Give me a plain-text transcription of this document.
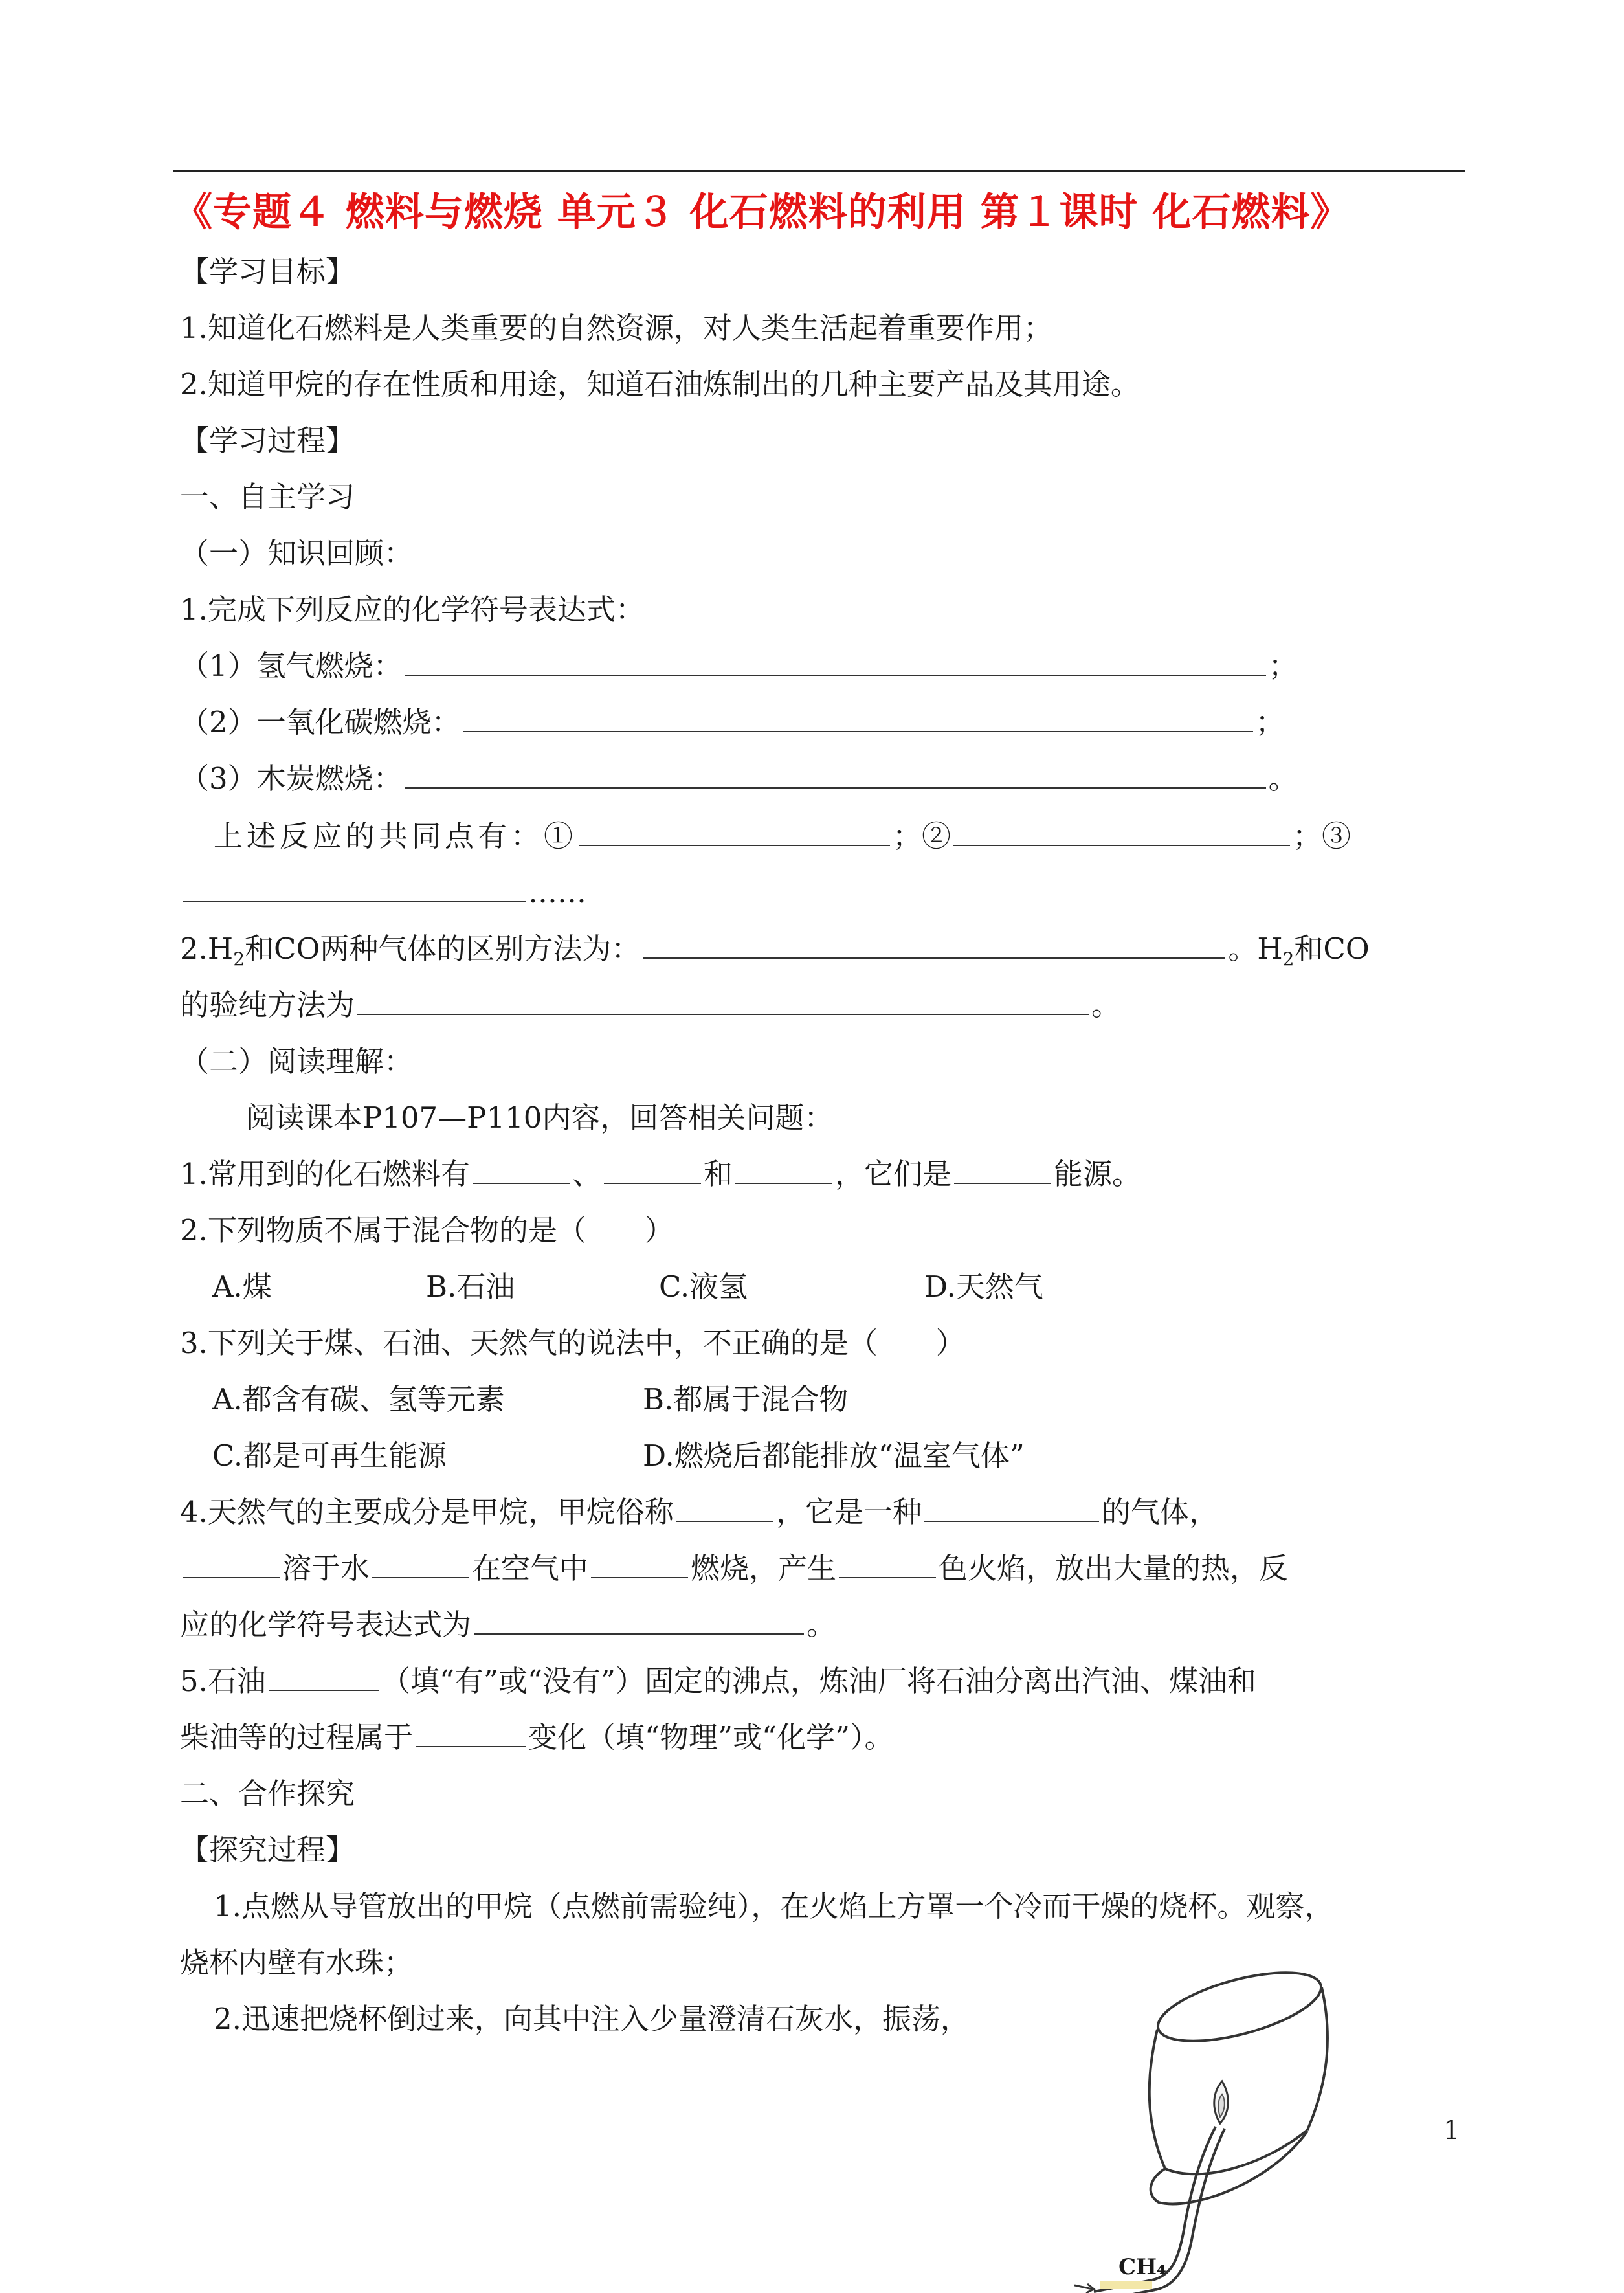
《专题４ 燃料与燃烧 单元３ 化石燃料的利用 第１课时 化石燃料》
【学习目标】
1.知道化石燃料是人类重要的自然资源，对人类生活起着重要作用；
2.知道甲烷的存在性质和用途，知道石油炼制出的几种主要产品及其用途。
【学习过程】
一、自主学习
（一）知识回顾：
1.完成下列反应的化学符号表达式：
（1）氢气燃烧：	；
（2）一氧化碳燃烧：	；
（3）木炭燃烧：	。
上述反应的共同点有：①	；②	；③
……
$2.H_2$和CO两种气体的区别方法为：	。$H_2$和CO
的验纯方法为	。
（二）阅读理解：
阅读课本P107—P110内容，回答相关问题：
1.常用到的化石燃料有	、	和	，它们是	能源。
2.下列物质不属于混合物的是（　　）
A.煤	B.石油	C.液氢	D.天然气
3.下列关于煤、石油、天然气的说法中，不正确的是（　　）
A.都含有碳、氢等元素	B.都属于混合物
C.都是可再生能源	D.燃烧后都能排放“温室气体”
4.天然气的主要成分是甲烷，甲烷俗称	，它是一种	的气体，
溶于水	在空气中	燃烧，产生	色火焰，放出大量的热，反
应的化学符号表达式为	。
5.石油	（填“有”或“没有”）固定的沸点，炼油厂将石油分离出汽油、煤油和
柴油等的过程属于	变化（填“物理”或“化学”）。
二、合作探究
【探究过程】
1.点燃从导管放出的甲烷（点燃前需验纯），在火焰上方罩一个冷而干燥的烧杯。观察，
烧杯内壁有水珠；
2.迅速把烧杯倒过来，向其中注入少量澄清石灰水，振荡，
CH₄
1
